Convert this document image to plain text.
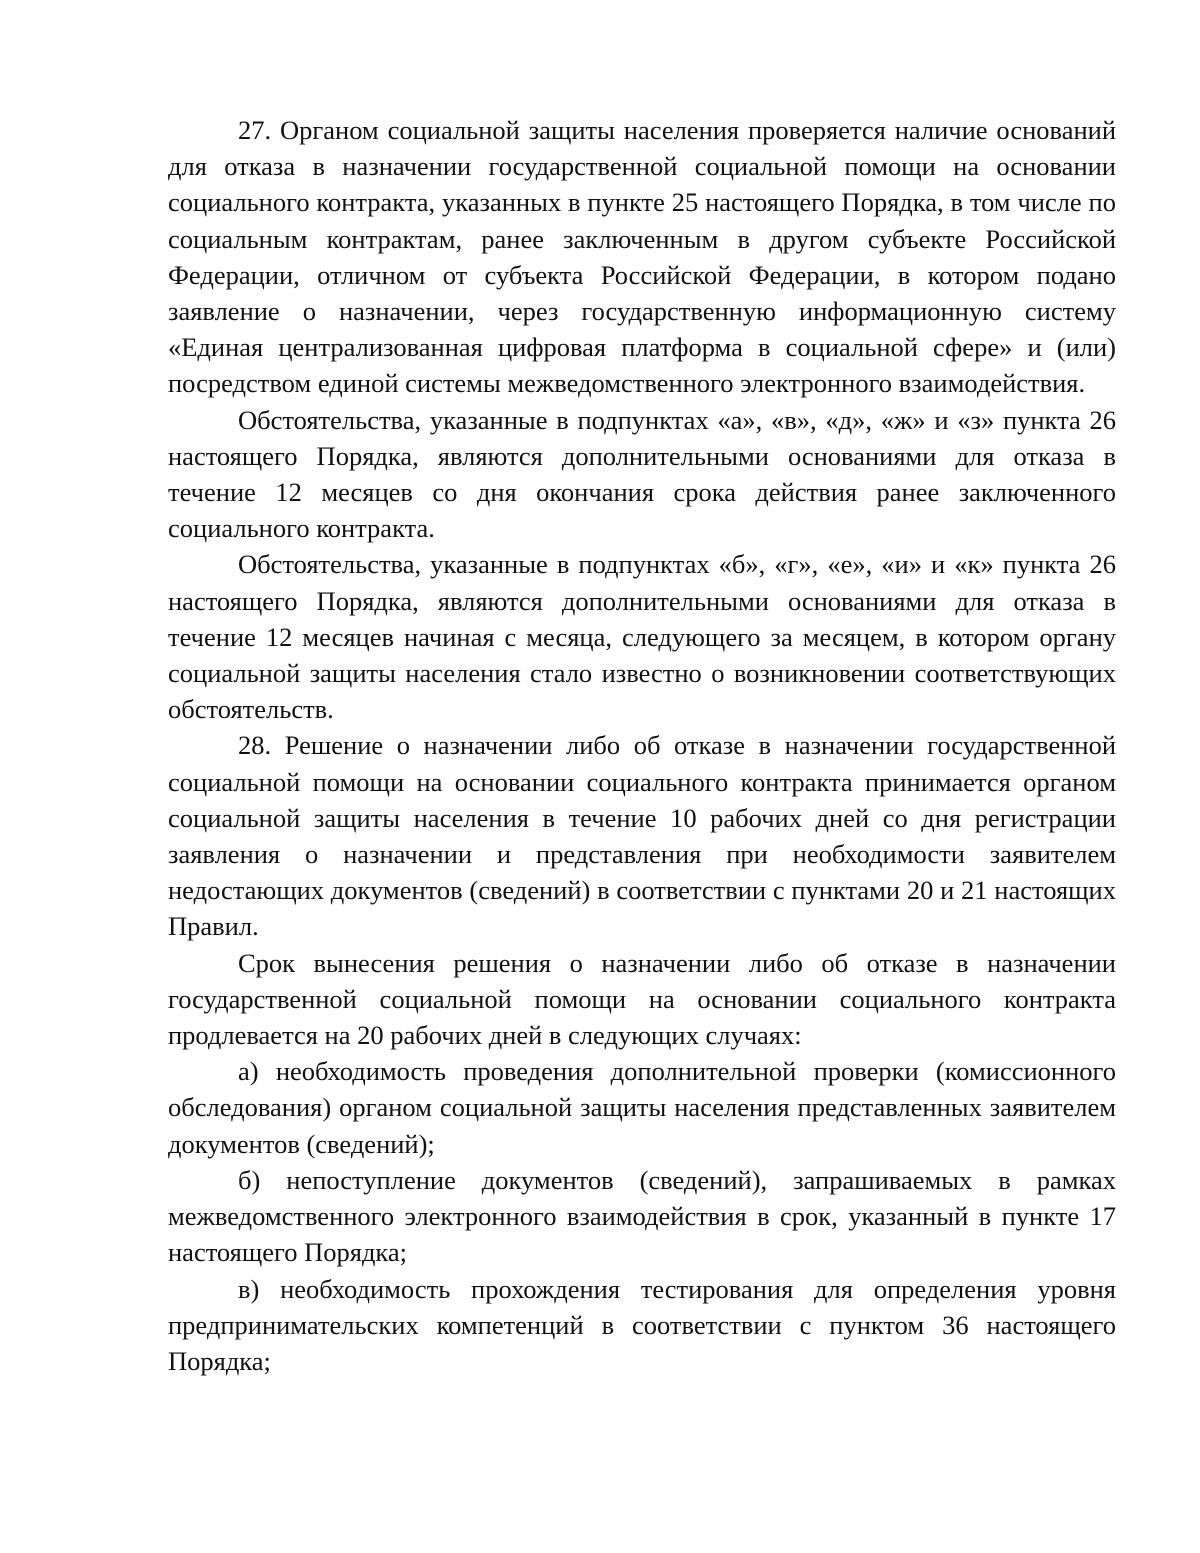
27. Органом социальной защиты населения проверяется наличие оснований для отказа в назначении государственной социальной помощи на основании социального контракта, указанных в пункте 25 настоящего Порядка, в том числе по социальным контрактам, ранее заключенным в другом субъекте Российской Федерации, отличном от субъекта Российской Федерации, в котором подано заявление о назначении, через государственную информационную систему «Единая централизованная цифровая платформа в социальной сфере» и (или) посредством единой системы межведомственного электронного взаимодействия.

Обстоятельства, указанные в подпунктах «а», «в», «д», «ж» и «з» пункта 26 настоящего Порядка, являются дополнительными основаниями для отказа в течение 12 месяцев со дня окончания срока действия ранее заключенного социального контракта.

Обстоятельства, указанные в подпунктах «б», «г», «е», «и» и «к» пункта 26 настоящего Порядка, являются дополнительными основаниями для отказа в течение 12 месяцев начиная с месяца, следующего за месяцем, в котором органу социальной защиты населения стало известно о возникновении соответствующих обстоятельств.

28. Решение о назначении либо об отказе в назначении государственной социальной помощи на основании социального контракта принимается органом социальной защиты населения в течение 10 рабочих дней со дня регистрации заявления о назначении и представления при необходимости заявителем недостающих документов (сведений) в соответствии с пунктами 20 и 21 настоящих Правил.

Срок вынесения решения о назначении либо об отказе в назначении государственной социальной помощи на основании социального контракта продлевается на 20 рабочих дней в следующих случаях:

а) необходимость проведения дополнительной проверки (комиссионного обследования) органом социальной защиты населения представленных заявителем документов (сведений);

б) непоступление документов (сведений), запрашиваемых в рамках межведомственного электронного взаимодействия в срок, указанный в пункте 17 настоящего Порядка;

в) необходимость прохождения тестирования для определения уровня предпринимательских компетенций в соответствии с пунктом 36 настоящего Порядка;
